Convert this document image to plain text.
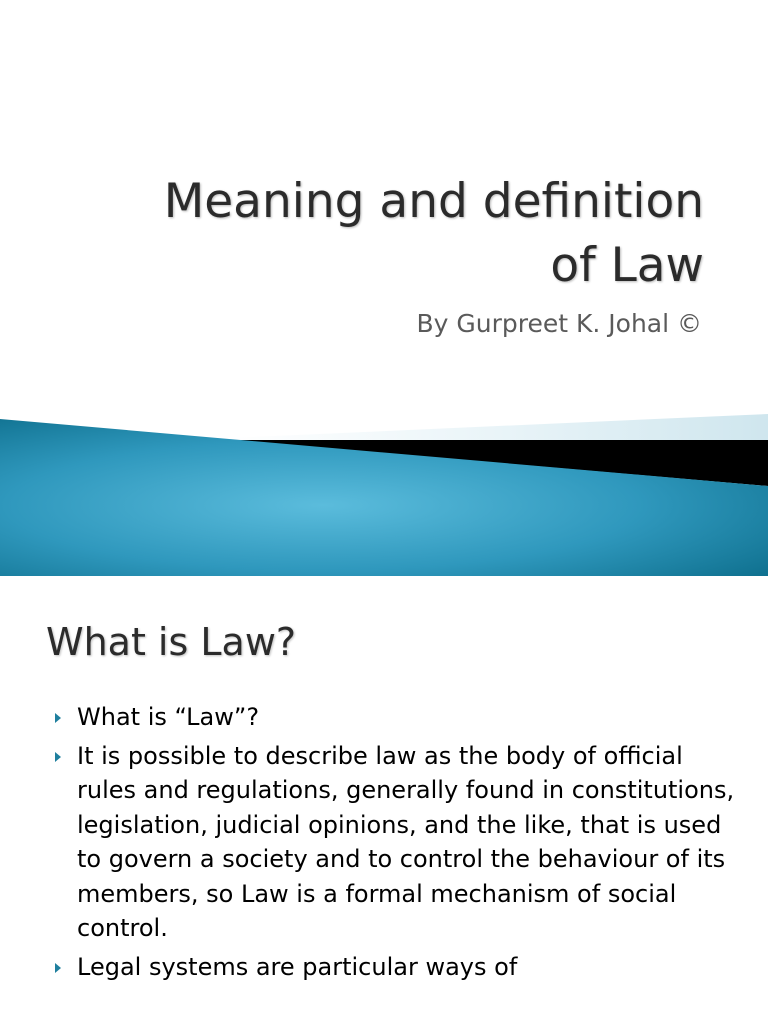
Meaning and definition
of Law
By Gurpreet K. Johal ©
What is Law?
What is “Law”?
It is possible to describe law as the body of official rules and regulations, generally found in constitutions, legislation, judicial opinions, and the like, that is used to govern a society and to control the behaviour of its members, so Law is a formal mechanism of social control.
Legal systems are particular ways of
